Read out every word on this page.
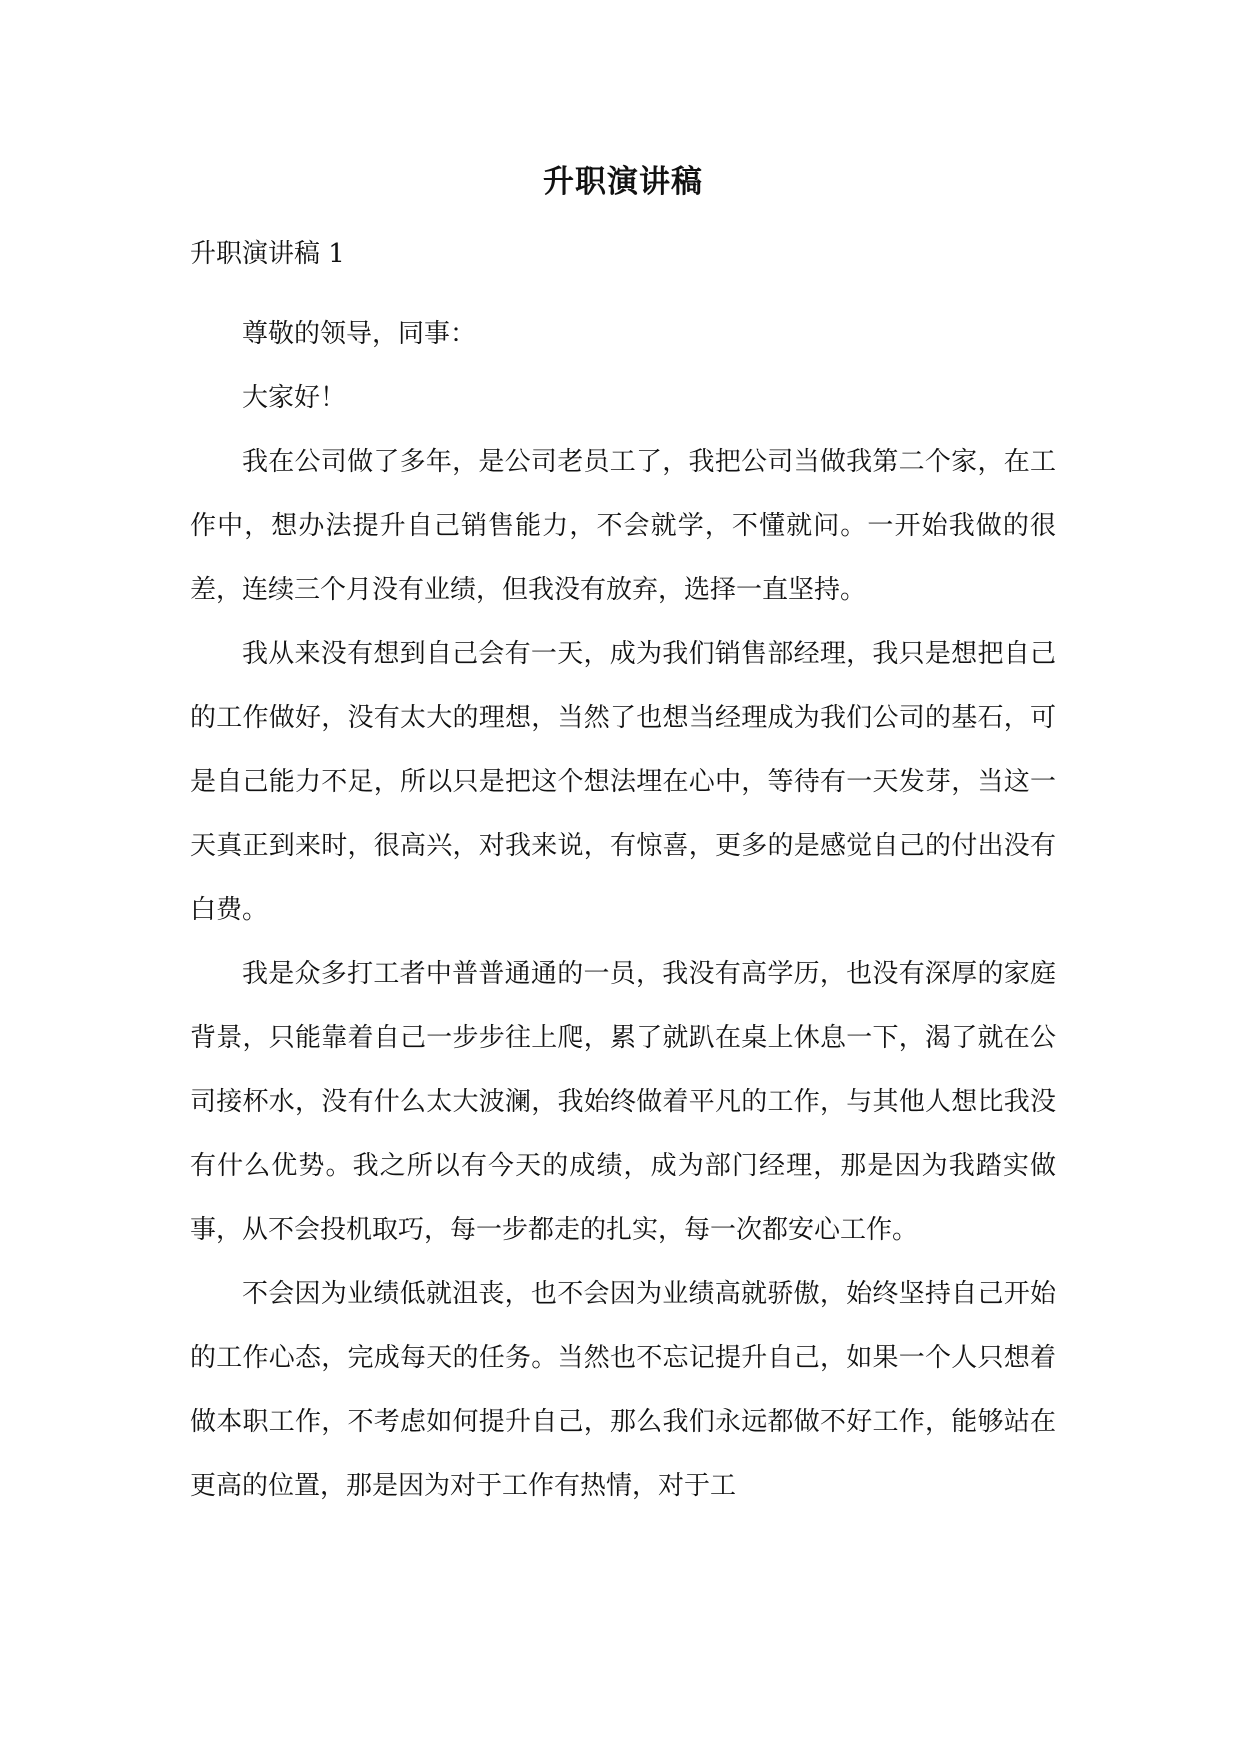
升职演讲稿
升职演讲稿 1

尊敬的领导，同事：

大家好！

我在公司做了多年，是公司老员工了，我把公司当做我第二个家，在工作中，想办法提升自己销售能力，不会就学，不懂就问。一开始我做的很差，连续三个月没有业绩，但我没有放弃，选择一直坚持。

我从来没有想到自己会有一天，成为我们销售部经理，我只是想把自己的工作做好，没有太大的理想，当然了也想当经理成为我们公司的基石，可是自己能力不足，所以只是把这个想法埋在心中，等待有一天发芽，当这一天真正到来时，很高兴，对我来说，有惊喜，更多的是感觉自己的付出没有白费。

我是众多打工者中普普通通的一员，我没有高学历，也没有深厚的家庭背景，只能靠着自己一步步往上爬，累了就趴在桌上休息一下，渴了就在公司接杯水，没有什么太大波澜，我始终做着平凡的工作，与其他人想比我没有什么优势。我之所以有今天的成绩，成为部门经理，那是因为我踏实做事，从不会投机取巧，每一步都走的扎实，每一次都安心工作。

不会因为业绩低就沮丧，也不会因为业绩高就骄傲，始终坚持自己开始的工作心态，完成每天的任务。当然也不忘记提升自己，如果一个人只想着做本职工作，不考虑如何提升自己，那么我们永远都做不好工作，能够站在更高的位置，那是因为对于工作有热情，对于工
